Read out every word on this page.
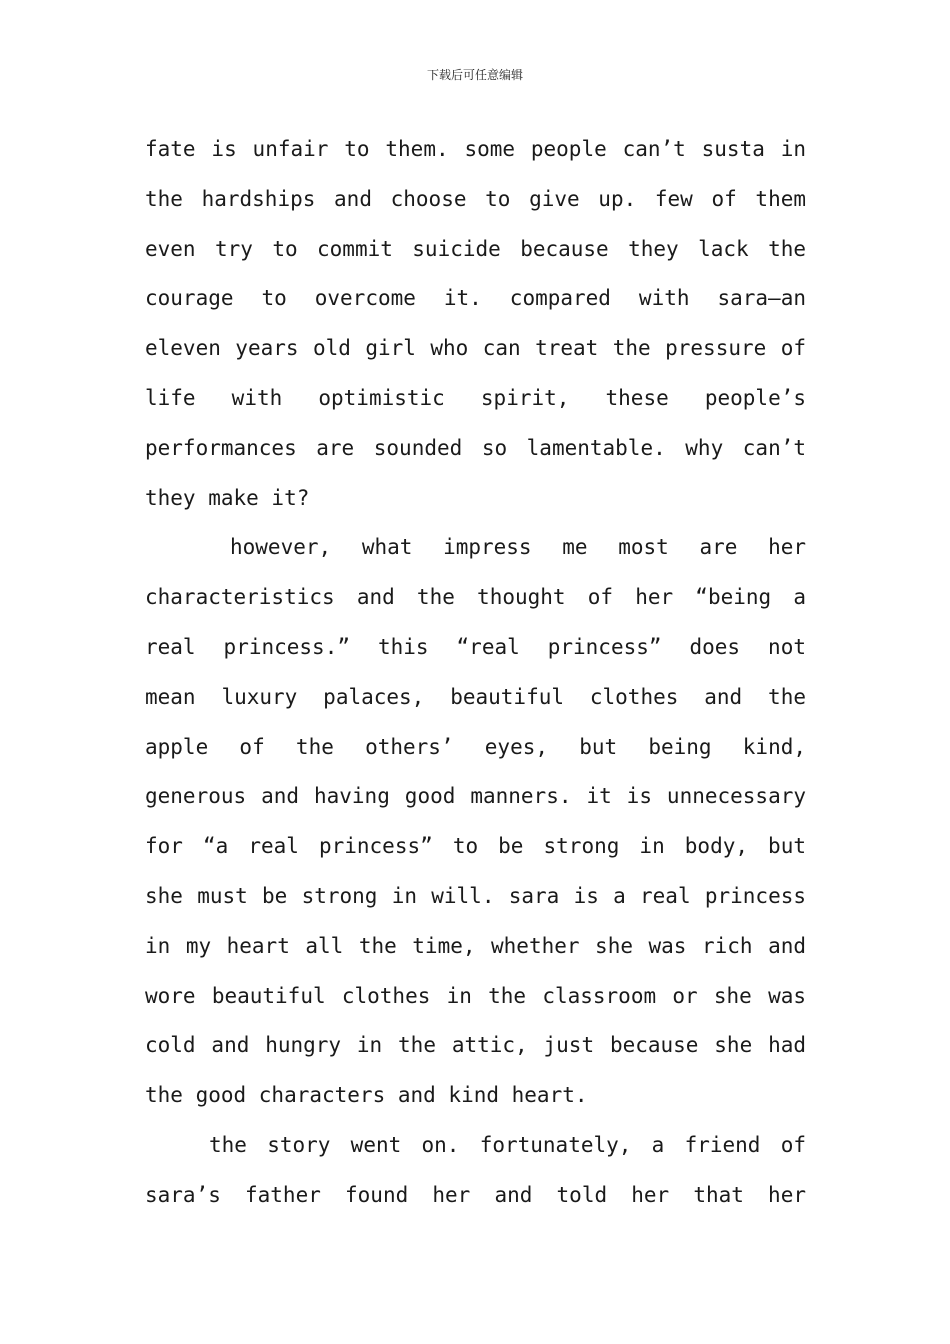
下载后可任意编辑
fate is unfair to them. some people can’t susta in
the hardships and choose to give up. few of them
even try to commit suicide because they lack the
courage to overcome it. compared with sara—an
eleven years old girl who can treat the pressure of
life with optimistic spirit, these people’s
performances are sounded so lamentable. why can’t
they make it?
however, what impress me most are her
characteristics and the thought of her “being a
real princess.” this “real princess” does not
mean luxury palaces, beautiful clothes and the
apple of the others’ eyes, but being kind,
generous and having good manners. it is unnecessary
for “a real princess” to be strong in body, but
she must be strong in will. sara is a real princess
in my heart all the time, whether she was rich and
wore beautiful clothes in the classroom or she was
cold and hungry in the attic, just because she had
the good characters and kind heart.
the story went on. fortunately, a friend of
sara’s father found her and told her that her
